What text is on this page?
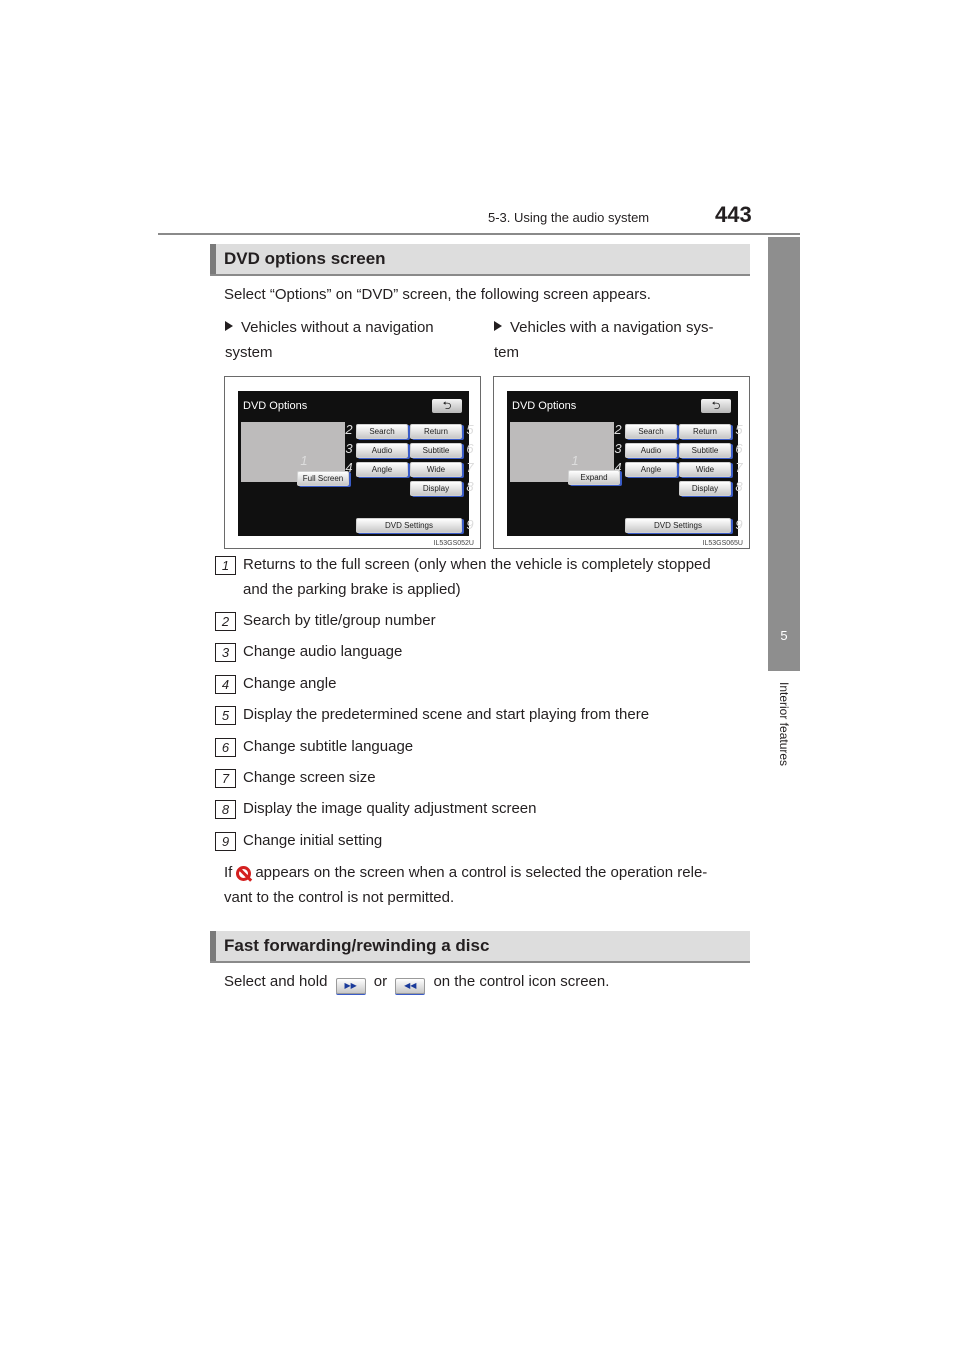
5-3. Using the audio system	443
5
Interior features
DVD options screen
Select “Options” on “DVD” screen, the following screen appears.
Vehicles without a navigation system
Vehicles with a navigation sys-tem
DVD Options	⮌
Full Screen
Search	Return
Audio	Subtitle
Angle	Wide
Display
DVD Settings
1
2
3
4
5
6
7
8
9
IL53GS052U
DVD Options	⮌
Expand
Search	Return
Audio	Subtitle
Angle	Wide
Display
DVD Settings
1
2
3
4
5
6
7
8
9
IL53GS065U
1 Returns to the full screen (only when the vehicle is completely stopped
and the parking brake is applied)
2 Search by title/group number
3 Change audio language
4 Change angle
5 Display the predetermined scene and start playing from there
6 Change subtitle language
7 Change screen size
8 Display the image quality adjustment screen
9 Change initial setting
If appears on the screen when a control is selected the operation rele-
vant to the control is not permitted.
Fast forwarding/rewinding a disc
Select and hold ▶▶ or ◀◀ on the control icon screen.
